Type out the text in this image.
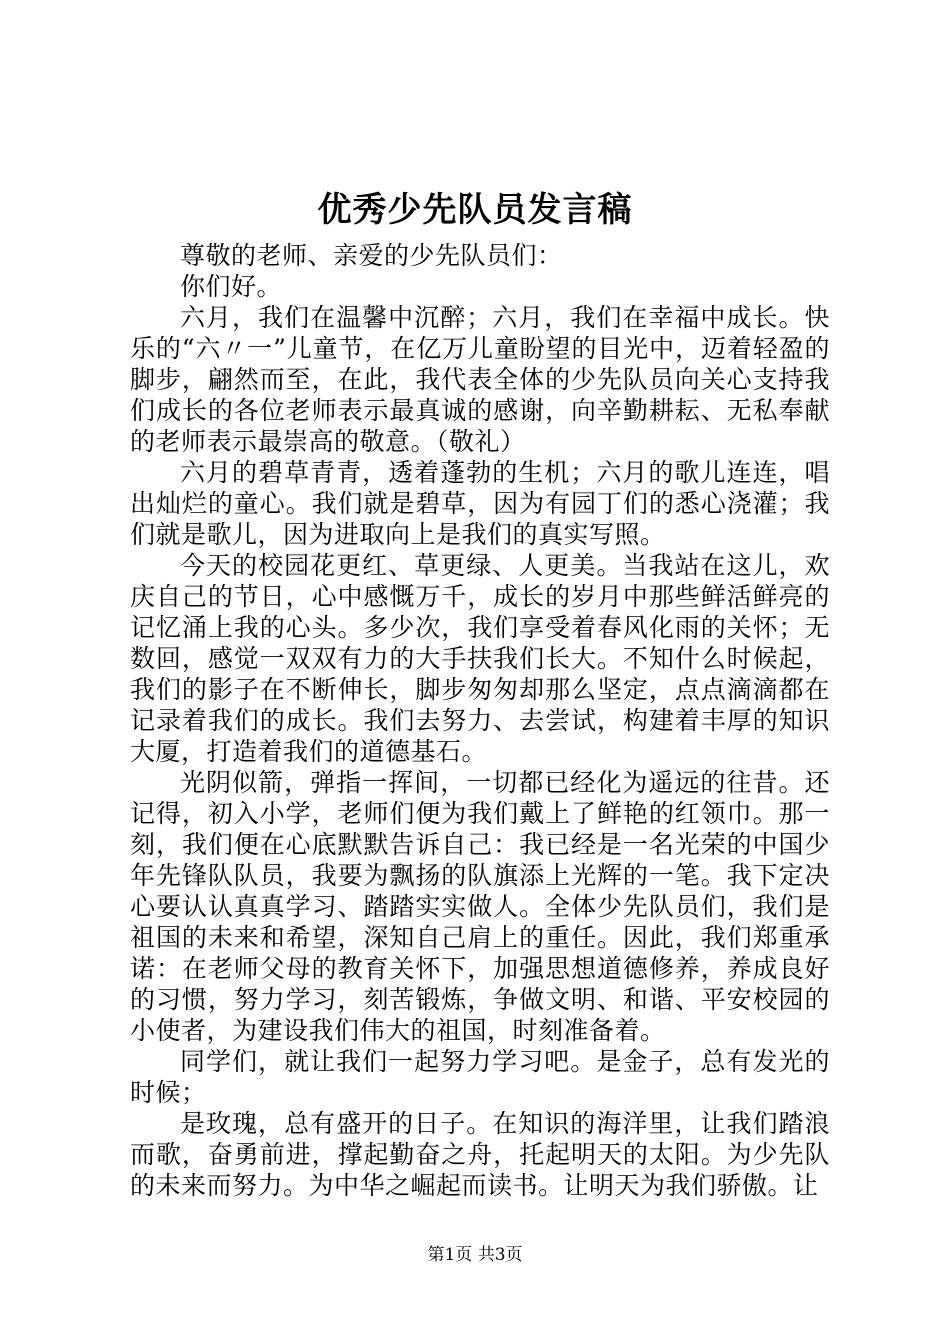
优秀少先队员发言稿

尊敬的老师、亲爱的少先队员们：

你们好。

六月，我们在温馨中沉醉；六月，我们在幸福中成长。快乐的“六〃一”儿童节，在亿万儿童盼望的目光中，迈着轻盈的脚步，翩然而至，在此，我代表全体的少先队员向关心支持我们成长的各位老师表示最真诚的感谢，向辛勤耕耘、无私奉献的老师表示最崇高的敬意。（敬礼）

六月的碧草青青，透着蓬勃的生机；六月的歌儿连连，唱出灿烂的童心。我们就是碧草，因为有园丁们的悉心浇灌；我们就是歌儿，因为进取向上是我们的真实写照。

今天的校园花更红、草更绿、人更美。当我站在这儿，欢庆自己的节日，心中感慨万千，成长的岁月中那些鲜活鲜亮的记忆涌上我的心头。多少次，我们享受着春风化雨的关怀；无数回，感觉一双双有力的大手扶我们长大。不知什么时候起，我们的影子在不断伸长，脚步匆匆却那么坚定，点点滴滴都在记录着我们的成长。我们去努力、去尝试，构建着丰厚的知识大厦，打造着我们的道德基石。

光阴似箭，弹指一挥间，一切都已经化为遥远的往昔。还记得，初入小学，老师们便为我们戴上了鲜艳的红领巾。那一刻，我们便在心底默默告诉自己：我已经是一名光荣的中国少年先锋队队员，我要为飘扬的队旗添上光辉的一笔。我下定决心要认认真真学习、踏踏实实做人。全体少先队员们，我们是祖国的未来和希望，深知自己肩上的重任。因此，我们郑重承诺：在老师父母的教育关怀下，加强思想道德修养，养成良好的习惯，努力学习，刻苦锻炼，争做文明、和谐、平安校园的小使者，为建设我们伟大的祖国，时刻准备着。

同学们，就让我们一起努力学习吧。是金子，总有发光的时候；

是玫瑰，总有盛开的日子。在知识的海洋里，让我们踏浪而歌，奋勇前进，撑起勤奋之舟，托起明天的太阳。为少先队的未来而努力。为中华之崛起而读书。让明天为我们骄傲。让

第1页 共3页
